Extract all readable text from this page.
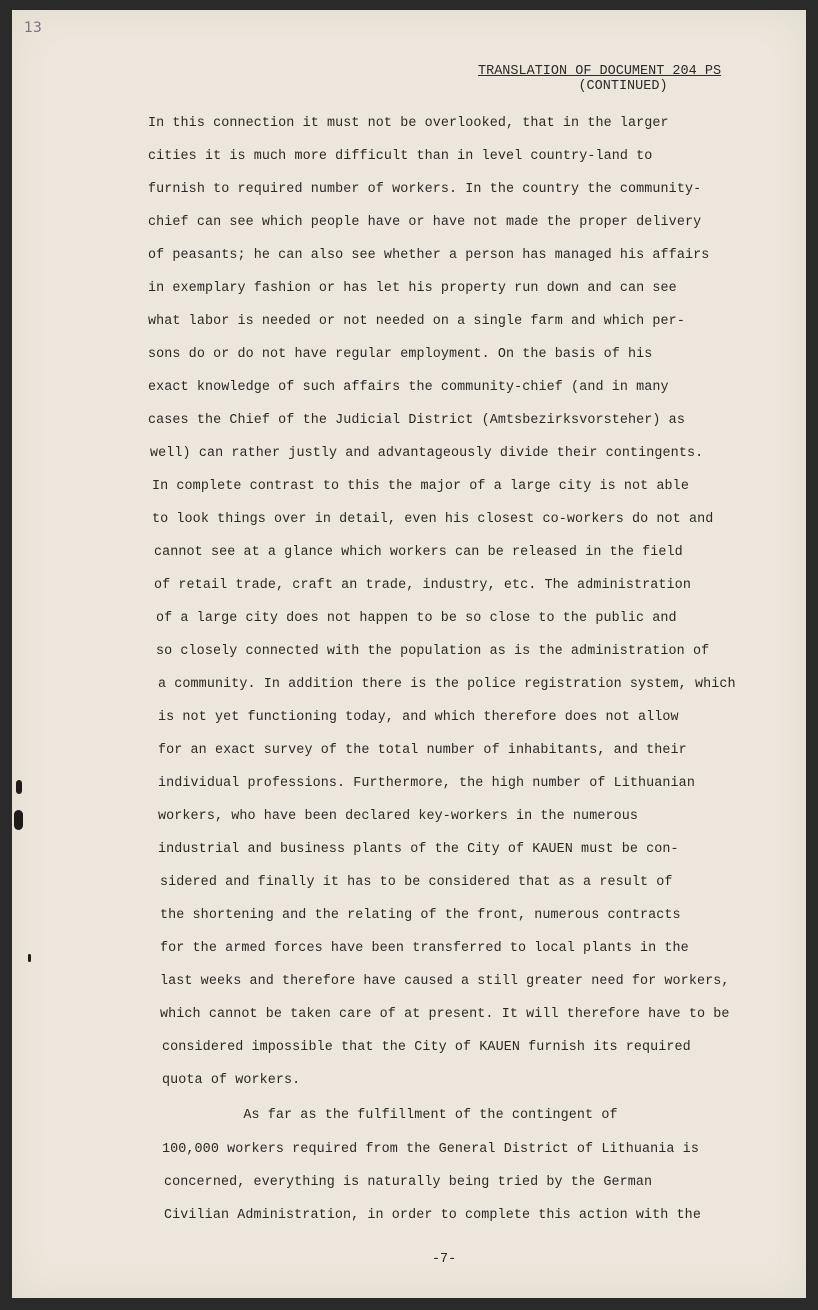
13
TRANSLATION OF DOCUMENT 204 PS
(CONTINUED)
In this connection it must not be overlooked, that in the larger
cities it is much more difficult than in level country-land to
furnish to required number of workers. In the country the community-
chief can see which people have or have not made the proper delivery
of peasants; he can also see whether a person has managed his affairs
in exemplary fashion or has let his property run down and can see
what labor is needed or not needed on a single farm and which per-
sons do or do not have regular employment. On the basis of his
exact knowledge of such affairs the community-chief (and in many
cases the Chief of the Judicial District (Amtsbezirksvorsteher) as
well) can rather justly and advantageously divide their contingents.
In complete contrast to this the major of a large city is not able
to look things over in detail, even his closest co-workers do not and
cannot see at a glance which workers can be released in the field
of retail trade, craft an trade, industry, etc. The administration
of a large city does not happen to be so close to the public and
so closely connected with the population as is the administration of
a community. In addition there is the police registration system, which
is not yet functioning today, and which therefore does not allow
for an exact survey of the total number of inhabitants, and their
individual professions. Furthermore, the high number of Lithuanian
workers, who have been declared key-workers in the numerous
industrial and business plants of the City of KAUEN must be con-
sidered and finally it has to be considered that as a result of
the shortening and the relating of the front, numerous contracts
for the armed forces have been transferred to local plants in the
last weeks and therefore have caused a still greater need for workers,
which cannot be taken care of at present. It will therefore have to be
considered impossible that the City of KAUEN furnish its required
quota of workers.
As far as the fulfillment of the contingent of
100,000 workers required from the General District of Lithuania is
concerned, everything is naturally being tried by the German
Civilian Administration, in order to complete this action with the
-7-
